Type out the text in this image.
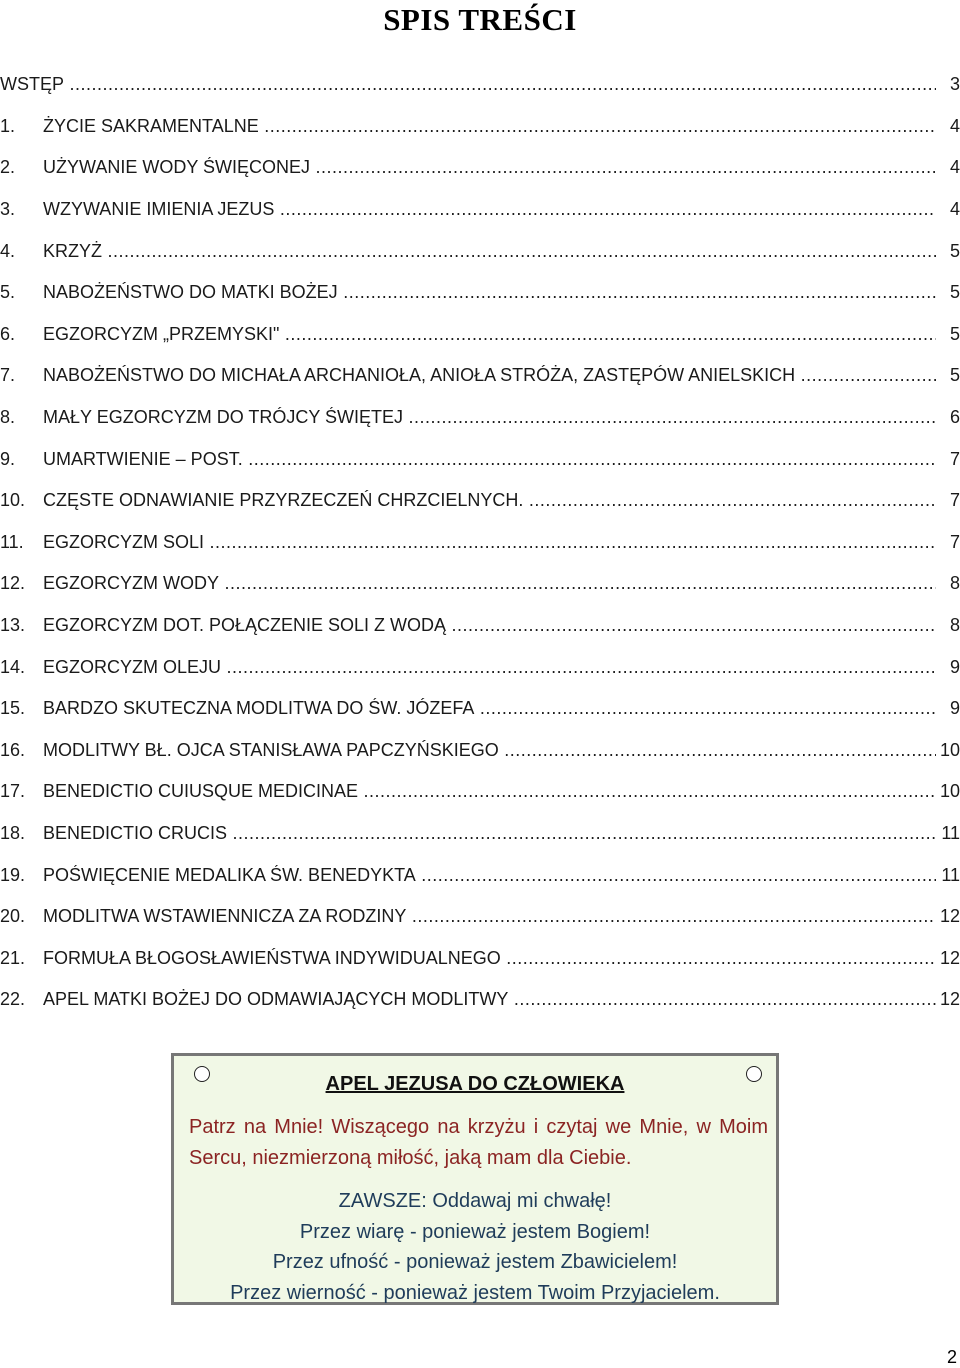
SPIS TREŚCI
WSTĘP .....	3
1.	ŻYCIE SAKRAMENTALNE .....	4
2.	UŻYWANIE WODY ŚWIĘCONEJ .....	4
3.	WZYWANIE IMIENIA JEZUS .....	4
4.	KRZYŻ .....	5
5.	NABOŻEŃSTWO DO MATKI BOŻEJ .....	5
6.	EGZORCYZM „PRZEMYSKI" .....	5
7.	NABOŻEŃSTWO DO MICHAŁA ARCHANIOŁA, ANIOŁA STRÓŻA, ZASTĘPÓW ANIELSKICH .....	5
8.	MAŁY EGZORCYZM DO TRÓJCY ŚWIĘTEJ .....	6
9.	UMARTWIENIE – POST. .....	7
10. CZĘSTE ODNAWIANIE PRZYRZECZEŃ CHRZCIELNYCH. .....	7
11.	EGZORCYZM SOLI .....	7
12. EGZORCYZM WODY .....	8
13. EGZORCYZM DOT. POŁĄCZENIE SOLI Z WODĄ .....	8
14. EGZORCYZM OLEJU .....	9
15. BARDZO SKUTECZNA MODLITWA DO ŚW. JÓZEFA .....	9
16. MODLITWY BŁ. OJCA STANISŁAWA PAPCZYŃSKIEGO .....	10
17. BENEDICTIO CUIUSQUE MEDICINAE .....	10
18. BENEDICTIO CRUCIS .....	11
19. POŚWIĘCENIE MEDALIKA ŚW. BENEDYKTA .....	11
20. MODLITWA WSTAWIENNICZA ZA RODZINY .....	12
21. FORMUŁA BŁOGOSŁAWIEŃSTWA INDYWIDUALNEGO .....	12
22. APEL MATKI BOŻEJ DO ODMAWIAJĄCYCH MODLITWY .....	12
APEL JEZUSA DO CZŁOWIEKA
Patrz na Mnie! Wiszącego na krzyżu i czytaj we Mnie, w Moim Sercu, niezmierzoną miłość, jaką mam dla Ciebie.
ZAWSZE: Oddawaj mi chwałę!
Przez wiarę - ponieważ jestem Bogiem!
Przez ufność - ponieważ jestem Zbawicielem!
Przez wierność - ponieważ jestem Twoim Przyjacielem.
2
